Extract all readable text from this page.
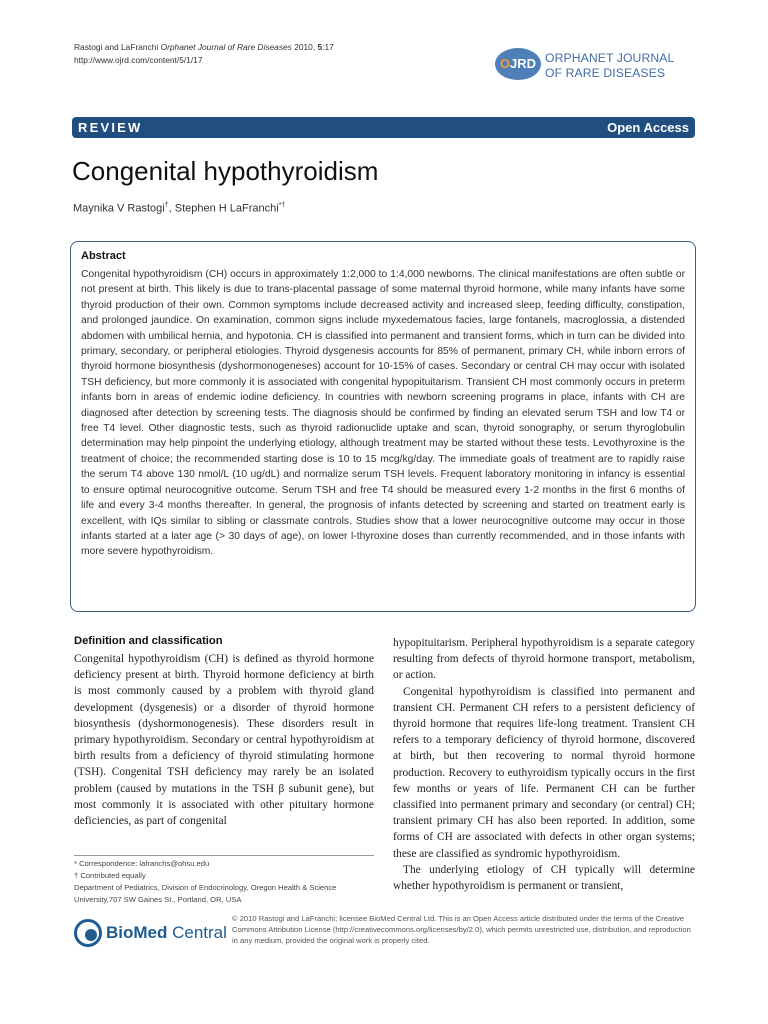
Rastogi and LaFranchi Orphanet Journal of Rare Diseases 2010, 5:17
http://www.ojrd.com/content/5/1/17	OJRD ORPHANET JOURNAL
OF RARE DISEASES
REVIEW	Open Access
Congenital hypothyroidism
Maynika V Rastogi†, Stephen H LaFranchi*†
Abstract
Congenital hypothyroidism (CH) occurs in approximately 1:2,000 to 1:4,000 newborns. The clinical manifestations are often subtle or not present at birth. This likely is due to trans-placental passage of some maternal thyroid hormone, while many infants have some thyroid production of their own. Common symptoms include decreased activity and increased sleep, feeding difficulty, constipation, and prolonged jaundice. On examination, common signs include myxedematous facies, large fontanels, macroglossia, a distended abdomen with umbilical hernia, and hypotonia. CH is classified into permanent and transient forms, which in turn can be divided into primary, secondary, or peripheral etiologies. Thyroid dysgenesis accounts for 85% of permanent, primary CH, while inborn errors of thyroid hormone biosynthesis (dyshormonogeneses) account for 10-15% of cases. Secondary or central CH may occur with isolated TSH deficiency, but more commonly it is associated with congenital hypopituitarism. Transient CH most commonly occurs in preterm infants born in areas of endemic iodine deficiency. In countries with newborn screening programs in place, infants with CH are diagnosed after detection by screening tests. The diagnosis should be confirmed by finding an elevated serum TSH and low T4 or free T4 level. Other diagnostic tests, such as thyroid radionuclide uptake and scan, thyroid sonography, or serum thyroglobulin determination may help pinpoint the underlying etiology, although treatment may be started without these tests. Levothyroxine is the treatment of choice; the recommended starting dose is 10 to 15 mcg/kg/day. The immediate goals of treatment are to rapidly raise the serum T4 above 130 nmol/L (10 ug/dL) and normalize serum TSH levels. Frequent laboratory monitoring in infancy is essential to ensure optimal neurocognitive outcome. Serum TSH and free T4 should be measured every 1-2 months in the first 6 months of life and every 3-4 months thereafter. In general, the prognosis of infants detected by screening and started on treatment early is excellent, with IQs similar to sibling or classmate controls. Studies show that a lower neurocognitive outcome may occur in those infants started at a later age (> 30 days of age), on lower l-thyroxine doses than currently recommended, and in those infants with more severe hypothyroidism.
Definition and classification
Congenital hypothyroidism (CH) is defined as thyroid hormone deficiency present at birth. Thyroid hormone deficiency at birth is most commonly caused by a problem with thyroid gland development (dysgenesis) or a disorder of thyroid hormone biosynthesis (dyshormonogenesis). These disorders result in primary hypothyroidism. Secondary or central hypothyroidism at birth results from a deficiency of thyroid stimulating hormone (TSH). Congenital TSH deficiency may rarely be an isolated problem (caused by mutations in the TSH β subunit gene), but most commonly it is associated with other pituitary hormone deficiencies, as part of congenital
hypopituitarism. Peripheral hypothyroidism is a separate category resulting from defects of thyroid hormone transport, metabolism, or action.
Congenital hypothyroidism is classified into permanent and transient CH. Permanent CH refers to a persistent deficiency of thyroid hormone that requires life-long treatment. Transient CH refers to a temporary deficiency of thyroid hormone, discovered at birth, but then recovering to normal thyroid hormone production. Recovery to euthyroidism typically occurs in the first few months or years of life. Permanent CH can be further classified into permanent primary and secondary (or central) CH; transient primary CH has also been reported. In addition, some forms of CH are associated with defects in other organ systems; these are classified as syndromic hypothyroidism.
The underlying etiology of CH typically will determine whether hypothyroidism is permanent or transient,
* Correspondence: lafranchs@ohsu.edu
† Contributed equally
Department of Pediatrics, Division of Endocrinology, Oregon Health & Science University,707 SW Gaines St., Portland, OR, USA
BioMed Central
© 2010 Rastogi and LaFranchi; licensee BioMed Central Ltd. This is an Open Access article distributed under the terms of the Creative Commons Attribution License (http://creativecommons.org/licenses/by/2.0), which permits unrestricted use, distribution, and reproduction in any medium, provided the original work is properly cited.
